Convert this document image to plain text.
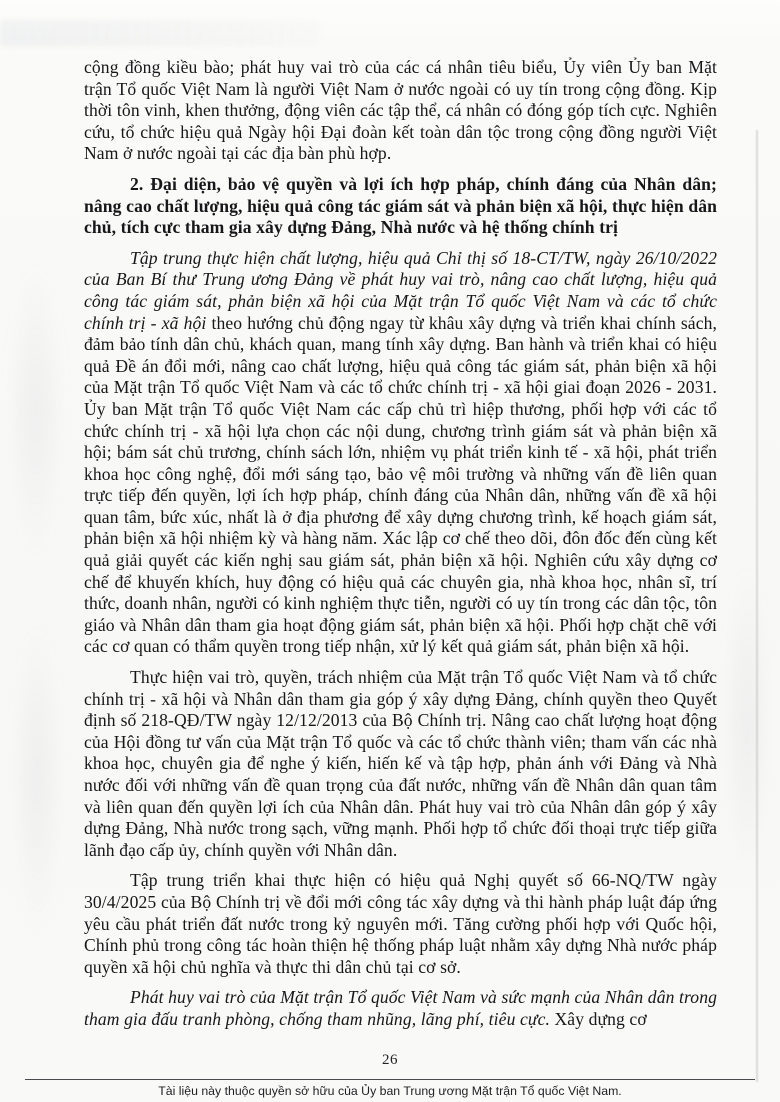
cộng đồng kiều bào; phát huy vai trò của các cá nhân tiêu biểu, Ủy viên Ủy ban Mặt trận Tổ quốc Việt Nam là người Việt Nam ở nước ngoài có uy tín trong cộng đồng. Kịp thời tôn vinh, khen thưởng, động viên các tập thể, cá nhân có đóng góp tích cực. Nghiên cứu, tổ chức hiệu quả Ngày hội Đại đoàn kết toàn dân tộc trong cộng đồng người Việt Nam ở nước ngoài tại các địa bàn phù hợp.

2. Đại diện, bảo vệ quyền và lợi ích hợp pháp, chính đáng của Nhân dân; nâng cao chất lượng, hiệu quả công tác giám sát và phản biện xã hội, thực hiện dân chủ, tích cực tham gia xây dựng Đảng, Nhà nước và hệ thống chính trị

Tập trung thực hiện chất lượng, hiệu quả Chỉ thị số 18-CT/TW, ngày 26/10/2022 của Ban Bí thư Trung ương Đảng về phát huy vai trò, nâng cao chất lượng, hiệu quả công tác giám sát, phản biện xã hội của Mặt trận Tổ quốc Việt Nam và các tổ chức chính trị - xã hội theo hướng chủ động ngay từ khâu xây dựng và triển khai chính sách, đảm bảo tính dân chủ, khách quan, mang tính xây dựng. Ban hành và triển khai có hiệu quả Đề án đổi mới, nâng cao chất lượng, hiệu quả công tác giám sát, phản biện xã hội của Mặt trận Tổ quốc Việt Nam và các tổ chức chính trị - xã hội giai đoạn 2026 - 2031. Ủy ban Mặt trận Tổ quốc Việt Nam các cấp chủ trì hiệp thương, phối hợp với các tổ chức chính trị - xã hội lựa chọn các nội dung, chương trình giám sát và phản biện xã hội; bám sát chủ trương, chính sách lớn, nhiệm vụ phát triển kinh tế - xã hội, phát triển khoa học công nghệ, đổi mới sáng tạo, bảo vệ môi trường và những vấn đề liên quan trực tiếp đến quyền, lợi ích hợp pháp, chính đáng của Nhân dân, những vấn đề xã hội quan tâm, bức xúc, nhất là ở địa phương để xây dựng chương trình, kế hoạch giám sát, phản biện xã hội nhiệm kỳ và hàng năm. Xác lập cơ chế theo dõi, đôn đốc đến cùng kết quả giải quyết các kiến nghị sau giám sát, phản biện xã hội. Nghiên cứu xây dựng cơ chế để khuyến khích, huy động có hiệu quả các chuyên gia, nhà khoa học, nhân sĩ, trí thức, doanh nhân, người có kinh nghiệm thực tiễn, người có uy tín trong các dân tộc, tôn giáo và Nhân dân tham gia hoạt động giám sát, phản biện xã hội. Phối hợp chặt chẽ với các cơ quan có thẩm quyền trong tiếp nhận, xử lý kết quả giám sát, phản biện xã hội.

Thực hiện vai trò, quyền, trách nhiệm của Mặt trận Tổ quốc Việt Nam và tổ chức chính trị - xã hội và Nhân dân tham gia góp ý xây dựng Đảng, chính quyền theo Quyết định số 218-QĐ/TW ngày 12/12/2013 của Bộ Chính trị. Nâng cao chất lượng hoạt động của Hội đồng tư vấn của Mặt trận Tổ quốc và các tổ chức thành viên; tham vấn các nhà khoa học, chuyên gia để nghe ý kiến, hiến kế và tập hợp, phản ánh với Đảng và Nhà nước đối với những vấn đề quan trọng của đất nước, những vấn đề Nhân dân quan tâm và liên quan đến quyền lợi ích của Nhân dân. Phát huy vai trò của Nhân dân góp ý xây dựng Đảng, Nhà nước trong sạch, vững mạnh. Phối hợp tổ chức đối thoại trực tiếp giữa lãnh đạo cấp ủy, chính quyền với Nhân dân.

Tập trung triển khai thực hiện có hiệu quả Nghị quyết số 66-NQ/TW ngày 30/4/2025 của Bộ Chính trị về đổi mới công tác xây dựng và thi hành pháp luật đáp ứng yêu cầu phát triển đất nước trong kỷ nguyên mới. Tăng cường phối hợp với Quốc hội, Chính phủ trong công tác hoàn thiện hệ thống pháp luật nhằm xây dựng Nhà nước pháp quyền xã hội chủ nghĩa và thực thi dân chủ tại cơ sở.

Phát huy vai trò của Mặt trận Tổ quốc Việt Nam và sức mạnh của Nhân dân trong tham gia đấu tranh phòng, chống tham nhũng, lãng phí, tiêu cực. Xây dựng cơ

26
Tài liệu này thuộc quyền sở hữu của Ủy ban Trung ương Mặt trận Tổ quốc Việt Nam.
